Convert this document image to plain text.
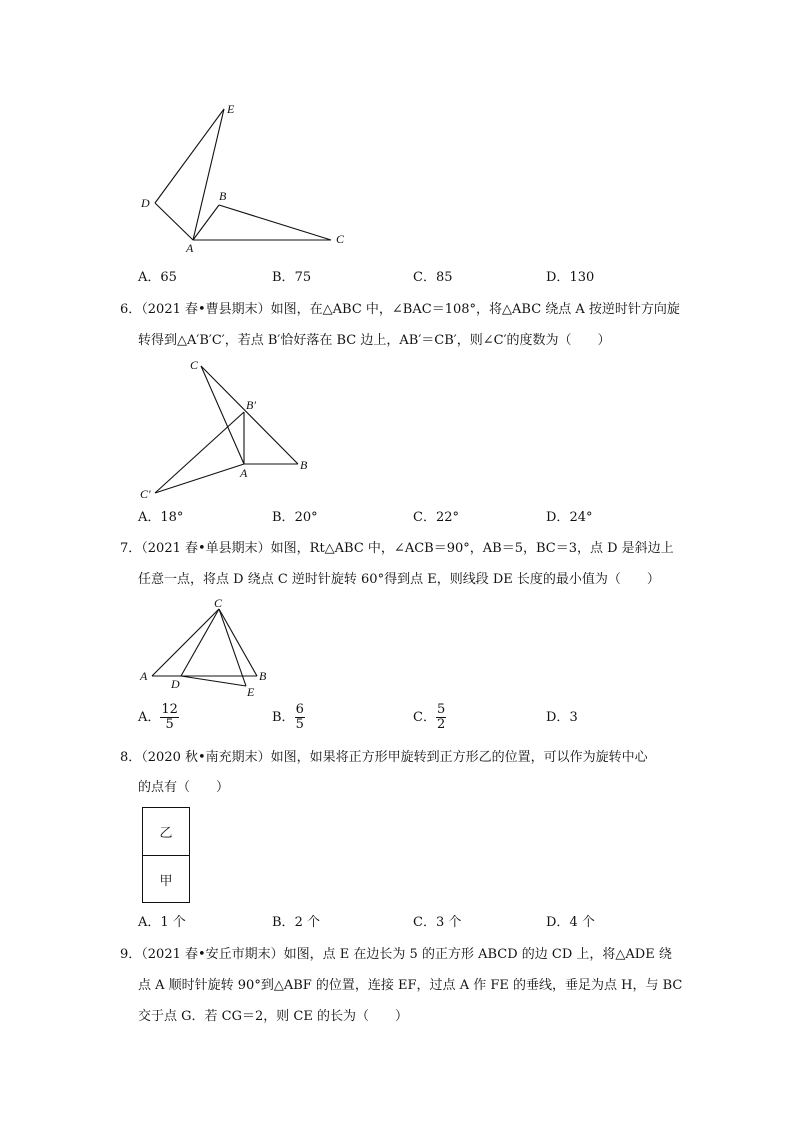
E
D	B
A
C
A．65	B．75	C．85	D．130
6．（2021 春•曹县期末）如图，在△ABC 中，∠BAC＝108°，将△ABC 绕点 A 按逆时针方向旋
转得到△A′B′C′，若点 B′恰好落在 BC 边上，AB′＝CB′，则∠C′的度数为（　　）
C
B′
B
A
C′
A．18°	B．20°	C．22°	D．24°
7．（2021 春•单县期末）如图，Rt△ABC 中，∠ACB＝90°，AB＝5，BC＝3，点 D 是斜边上
任意一点，将点 D 绕点 C 逆时针旋转 60°得到点 E，则线段 DE 长度的最小值为（　　）
C
A	B
D
E
A． $\frac{12}{5}$	B． $\frac{6}{5}$	C． $\frac{5}{2}$	D．3
8．（2020 秋•南充期末）如图，如果将正方形甲旋转到正方形乙的位置，可以作为旋转中心
的点有（　　）
乙
甲
A．1 个	B．2 个	C．3 个	D．4 个
9．（2021 春•安丘市期末）如图，点 E 在边长为 5 的正方形 ABCD 的边 CD 上，将△ADE 绕
点 A 顺时针旋转 90°到△ABF 的位置，连接 EF，过点 A 作 FE 的垂线，垂足为点 H，与 BC
交于点 G．若 CG＝2，则 CE 的长为（　　）
